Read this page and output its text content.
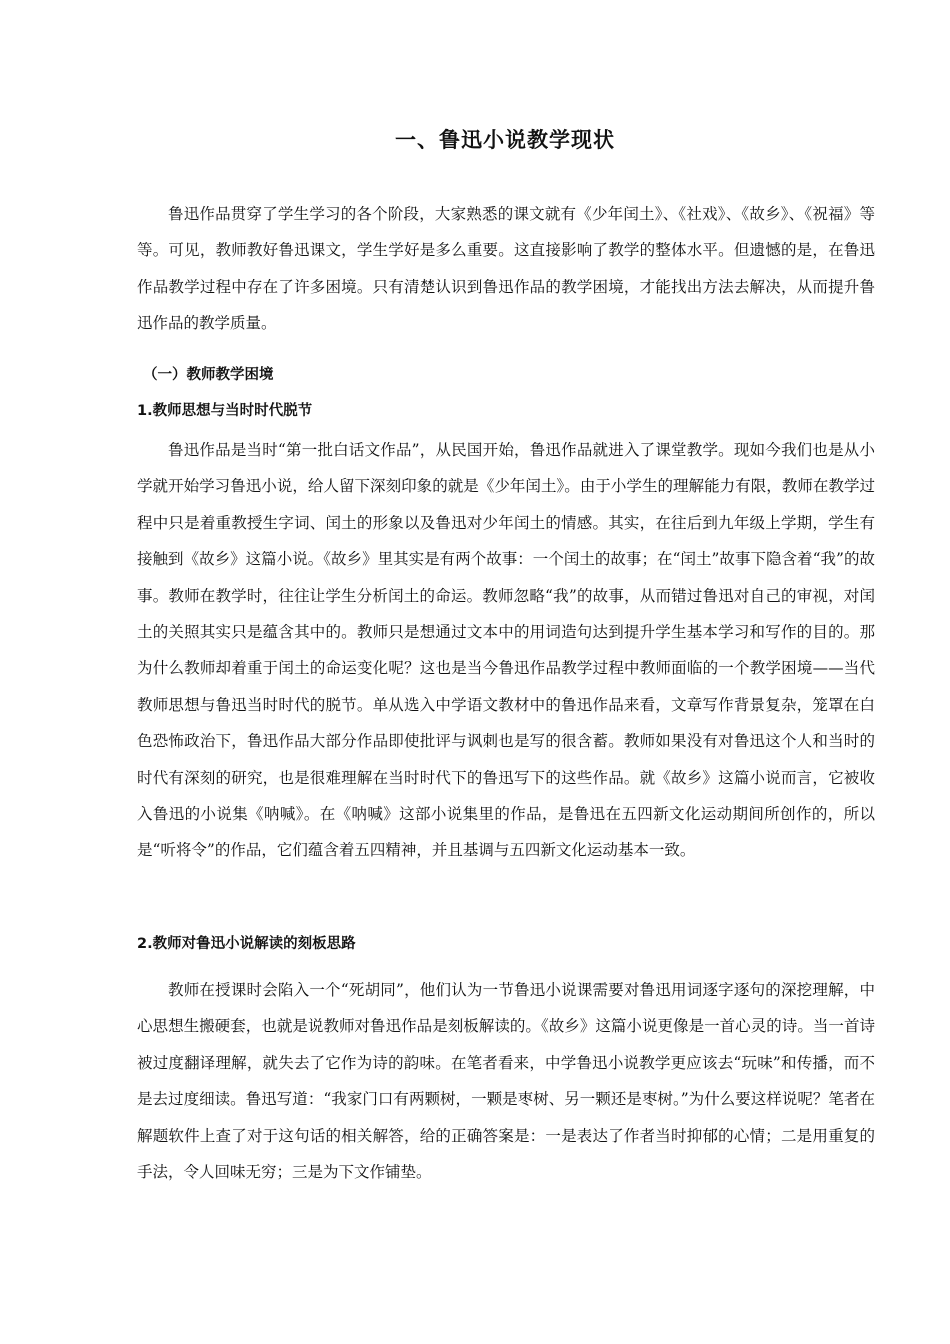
一、鲁迅小说教学现状

鲁迅作品贯穿了学生学习的各个阶段，大家熟悉的课文就有《少年闰土》、《社戏》、《故乡》、《祝福》等等。可见，教师教好鲁迅课文，学生学好是多么重要。这直接影响了教学的整体水平。但遗憾的是，在鲁迅作品教学过程中存在了许多困境。只有清楚认识到鲁迅作品的教学困境，才能找出方法去解决，从而提升鲁迅作品的教学质量。

（一）教师教学困境
1.教师思想与当时时代脱节

鲁迅作品是当时“第一批白话文作品”，从民国开始，鲁迅作品就进入了课堂教学。现如今我们也是从小学就开始学习鲁迅小说，给人留下深刻印象的就是《少年闰土》。由于小学生的理解能力有限，教师在教学过程中只是着重教授生字词、闰土的形象以及鲁迅对少年闰土的情感。其实，在往后到九年级上学期，学生有接触到《故乡》这篇小说。《故乡》里其实是有两个故事：一个闰土的故事；在“闰土”故事下隐含着“我”的故事。教师在教学时，往往让学生分析闰土的命运。教师忽略“我”的故事，从而错过鲁迅对自己的审视，对闰土的关照其实只是蕴含其中的。教师只是想通过文本中的用词造句达到提升学生基本学习和写作的目的。那为什么教师却着重于闰土的命运变化呢？这也是当今鲁迅作品教学过程中教师面临的一个教学困境——当代教师思想与鲁迅当时时代的脱节。单从选入中学语文教材中的鲁迅作品来看，文章写作背景复杂，笼罩在白色恐怖政治下，鲁迅作品大部分作品即使批评与讽刺也是写的很含蓄。教师如果没有对鲁迅这个人和当时的时代有深刻的研究，也是很难理解在当时时代下的鲁迅写下的这些作品。就《故乡》这篇小说而言，它被收入鲁迅的小说集《呐喊》。在《呐喊》这部小说集里的作品，是鲁迅在五四新文化运动期间所创作的，所以是“听将令”的作品，它们蕴含着五四精神，并且基调与五四新文化运动基本一致。

2.教师对鲁迅小说解读的刻板思路

教师在授课时会陷入一个“死胡同”，他们认为一节鲁迅小说课需要对鲁迅用词逐字逐句的深挖理解，中心思想生搬硬套，也就是说教师对鲁迅作品是刻板解读的。《故乡》这篇小说更像是一首心灵的诗。当一首诗被过度翻译理解，就失去了它作为诗的韵味。在笔者看来，中学鲁迅小说教学更应该去“玩味”和传播，而不是去过度细读。鲁迅写道：“我家门口有两颗树，一颗是枣树、另一颗还是枣树。”为什么要这样说呢？笔者在解题软件上查了对于这句话的相关解答，给的正确答案是：一是表达了作者当时抑郁的心情；二是用重复的手法，令人回味无穷；三是为下文作铺垫。
